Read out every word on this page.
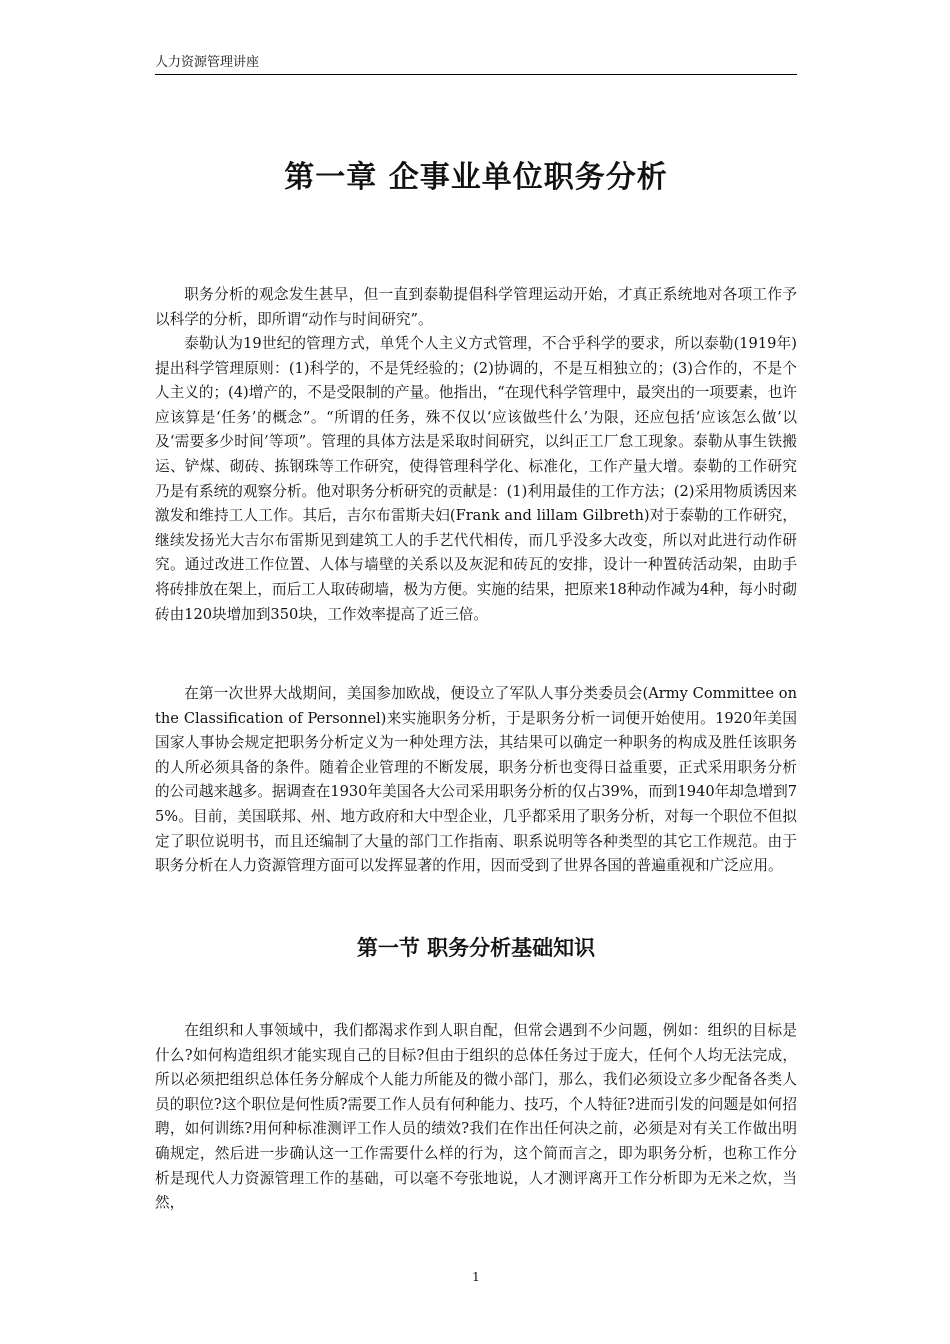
人力资源管理讲座
第一章 企事业单位职务分析

职务分析的观念发生甚早，但一直到泰勒提倡科学管理运动开始，才真正系统地对各项工作予以科学的分析，即所谓“动作与时间研究”。

泰勒认为19世纪的管理方式，单凭个人主义方式管理，不合乎科学的要求，所以泰勒(1919年)提出科学管理原则：(1)科学的，不是凭经验的；(2)协调的，不是互相独立的；(3)合作的，不是个人主义的；(4)增产的，不是受限制的产量。他指出，“在现代科学管理中，最突出的一项要素，也许应该算是‘任务’的概念”。“所谓的任务，殊不仅以‘应该做些什么’为限，还应包括‘应该怎么做’以及‘需要多少时间’等项”。管理的具体方法是采取时间研究，以纠正工厂怠工现象。泰勒从事生铁搬运、铲煤、砌砖、拣钢珠等工作研究，使得管理科学化、标准化，工作产量大增。泰勒的工作研究乃是有系统的观察分析。他对职务分析研究的贡献是：(1)利用最佳的工作方法；(2)采用物质诱因来激发和维持工人工作。其后，吉尔布雷斯夫妇(Frank and lillam Gilbreth)对于泰勒的工作研究，继续发扬光大吉尔布雷斯见到建筑工人的手艺代代相传，而几乎没多大改变，所以对此进行动作研究。通过改进工作位置、人体与墙壁的关系以及灰泥和砖瓦的安排，设计一种置砖活动架，由助手将砖排放在架上，而后工人取砖砌墙，极为方便。实施的结果，把原来18种动作减为4种，每小时砌砖由120块增加到350块，工作效率提高了近三倍。

在第一次世界大战期间，美国参加欧战，便设立了军队人事分类委员会(Army Committee on the Classification of Personnel)来实施职务分析，于是职务分析一词便开始使用。1920年美国国家人事协会规定把职务分析定义为一种处理方法，其结果可以确定一种职务的构成及胜任该职务的人所必须具备的条件。随着企业管理的不断发展，职务分析也变得日益重要，正式采用职务分析的公司越来越多。据调查在1930年美国各大公司采用职务分析的仅占39%，而到1940年却急增到75%。目前，美国联邦、州、地方政府和大中型企业，几乎都采用了职务分析，对每一个职位不但拟定了职位说明书，而且还编制了大量的部门工作指南、职系说明等各种类型的其它工作规范。由于职务分析在人力资源管理方面可以发挥显著的作用，因而受到了世界各国的普遍重视和广泛应用。

第一节 职务分析基础知识

在组织和人事领域中，我们都渴求作到人职自配，但常会遇到不少问题，例如：组织的目标是什么?如何构造组织才能实现自己的目标?但由于组织的总体任务过于庞大，任何个人均无法完成，所以必须把组织总体任务分解成个人能力所能及的微小部门，那么，我们必须设立多少配备各类人员的职位?这个职位是何性质?需要工作人员有何种能力、技巧，个人特征?进而引发的问题是如何招聘，如何训练?用何种标准测评工作人员的绩效?我们在作出任何决之前，必须是对有关工作做出明确规定，然后进一步确认这一工作需要什么样的行为，这个简而言之，即为职务分析，也称工作分析是现代人力资源管理工作的基础，可以毫不夸张地说，人才测评离开工作分析即为无米之炊，当然，

1
